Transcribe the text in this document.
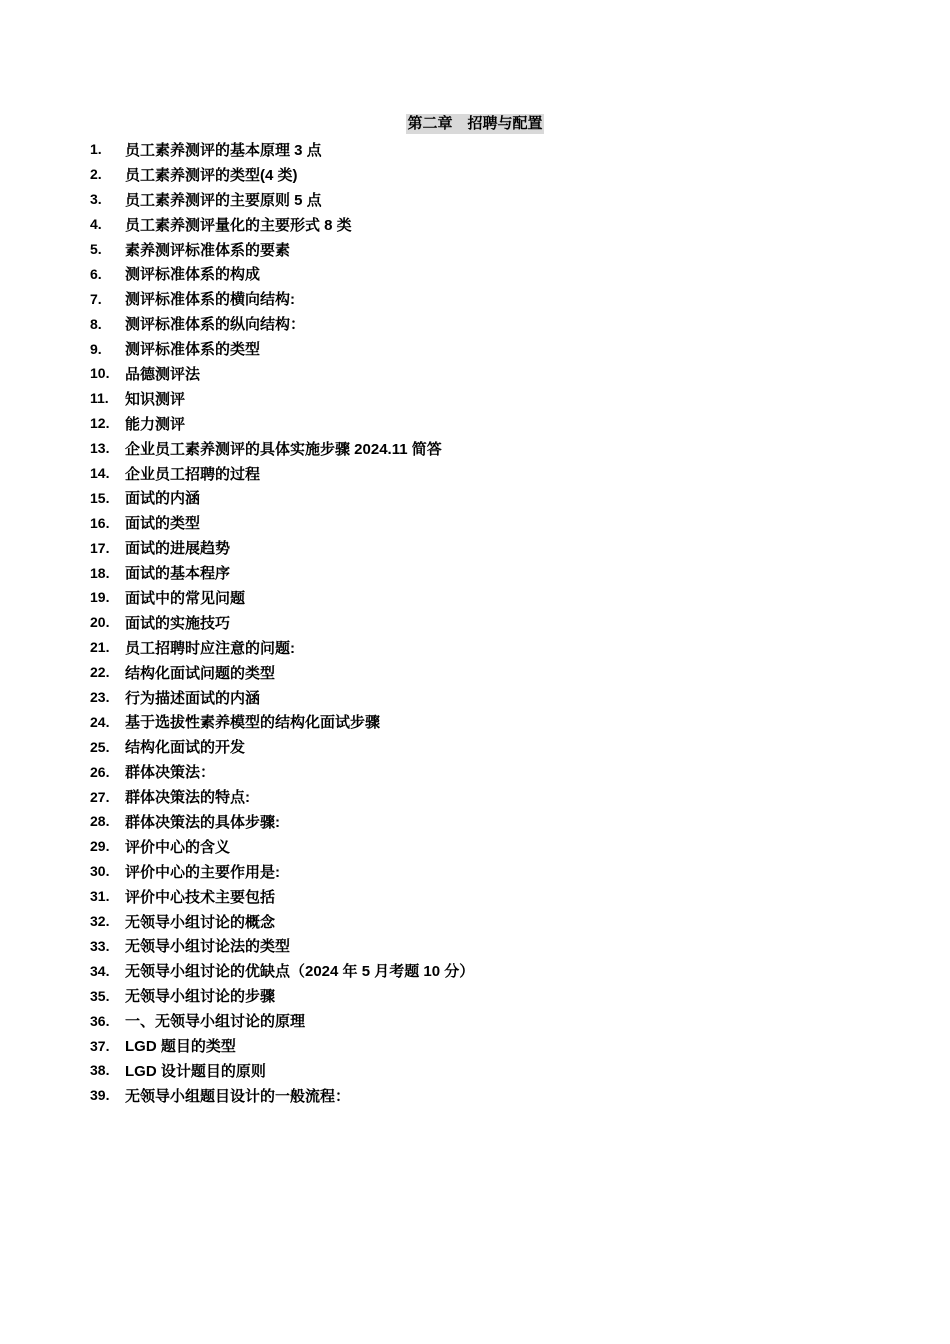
第二章　招聘与配置
1.	员工素养测评的基本原理 3 点
2.	员工素养测评的类型(4 类)
3.	员工素养测评的主要原则 5 点
4.	员工素养测评量化的主要形式 8 类
5.	素养测评标准体系的要素
6.	测评标准体系的构成
7.	测评标准体系的横向结构:
8.	测评标准体系的纵向结构：
9.	测评标准体系的类型
10.	品德测评法
11.	知识测评
12.	能力测评
13.	企业员工素养测评的具体实施步骤 2024.11 简答
14.	企业员工招聘的过程
15.	面试的内涵
16.	面试的类型
17.	面试的进展趋势
18.	面试的基本程序
19.	面试中的常见问题
20.	面试的实施技巧
21.	员工招聘时应注意的问题:
22.	结构化面试问题的类型
23.	行为描述面试的内涵
24.	基于选拔性素养模型的结构化面试步骤
25.	结构化面试的开发
26.	群体决策法：
27.	群体决策法的特点:
28.	群体决策法的具体步骤:
29.	评价中心的含义
30.	评价中心的主要作用是:
31.	评价中心技术主要包括
32.	无领导小组讨论的概念
33.	无领导小组讨论法的类型
34.	无领导小组讨论的优缺点（2024 年 5 月考题 10 分）
35.	无领导小组讨论的步骤
36.	一、无领导小组讨论的原理
37.	LGD 题目的类型
38.	LGD 设计题目的原则
39.	无领导小组题目设计的一般流程：
